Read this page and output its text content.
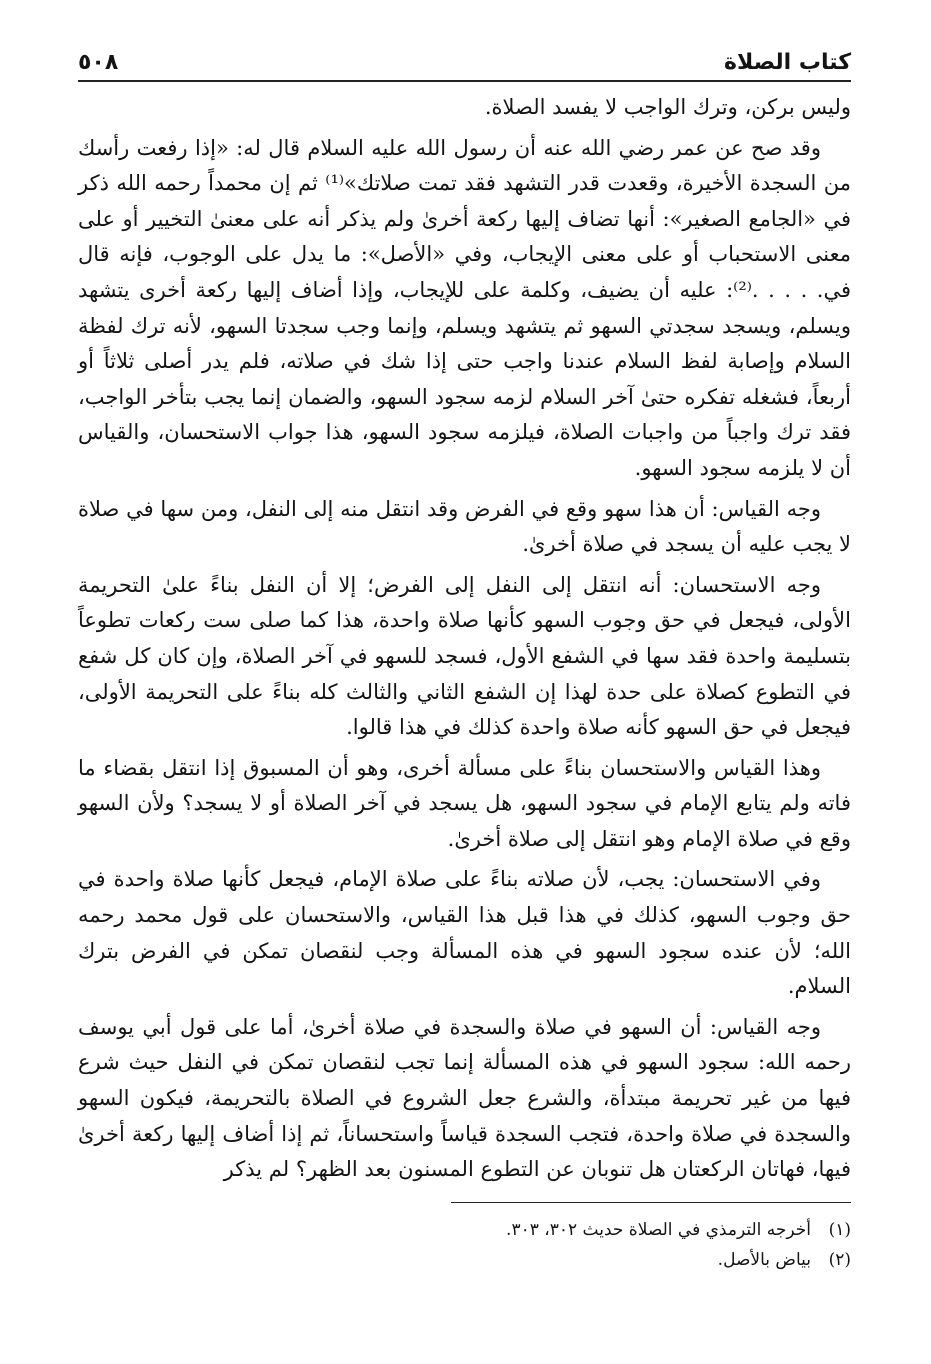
كتاب الصلاة
٥٠٨

وليس بركن، وترك الواجب لا يفسد الصلاة.

وقد صح عن عمر رضي الله عنه أن رسول الله عليه السلام قال له: «إذا رفعت رأسك من السجدة الأخيرة، وقعدت قدر التشهد فقد تمت صلاتك»⁽¹⁾ ثم إن محمداً رحمه الله ذكر في «الجامع الصغير»: أنها تضاف إليها ركعة أخرىٰ ولم يذكر أنه على معنىٰ التخيير أو على معنى الاستحباب أو على معنى الإيجاب، وفي «الأصل»: ما يدل على الوجوب، فإنه قال في. . . . .⁽²⁾: عليه أن يضيف، وكلمة على للإيجاب، وإذا أضاف إليها ركعة أخرى يتشهد ويسلم، ويسجد سجدتي السهو ثم يتشهد ويسلم، وإنما وجب سجدتا السهو، لأنه ترك لفظة السلام وإصابة لفظ السلام عندنا واجب حتى إذا شك في صلاته، فلم يدر أصلى ثلاثاً أو أربعاً، فشغله تفكره حتىٰ آخر السلام لزمه سجود السهو، والضمان إنما يجب بتأخر الواجب، فقد ترك واجباً من واجبات الصلاة، فيلزمه سجود السهو، هذا جواب الاستحسان، والقياس أن لا يلزمه سجود السهو.

وجه القياس: أن هذا سهو وقع في الفرض وقد انتقل منه إلى النفل، ومن سها في صلاة لا يجب عليه أن يسجد في صلاة أخرىٰ.

وجه الاستحسان: أنه انتقل إلى النفل إلى الفرض؛ إلا أن النفل بناءً علىٰ التحريمة الأولى، فيجعل في حق وجوب السهو كأنها صلاة واحدة، هذا كما صلى ست ركعات تطوعاً بتسليمة واحدة فقد سها في الشفع الأول، فسجد للسهو في آخر الصلاة، وإن كان كل شفع في التطوع كصلاة على حدة لهذا إن الشفع الثاني والثالث كله بناءً على التحريمة الأولى، فيجعل في حق السهو كأنه صلاة واحدة كذلك في هذا قالوا.

وهذا القياس والاستحسان بناءً على مسألة أخرى، وهو أن المسبوق إذا انتقل بقضاء ما فاته ولم يتابع الإمام في سجود السهو، هل يسجد في آخر الصلاة أو لا يسجد؟ ولأن السهو وقع في صلاة الإمام وهو انتقل إلى صلاة أخرىٰ.

وفي الاستحسان: يجب، لأن صلاته بناءً على صلاة الإمام، فيجعل كأنها صلاة واحدة في حق وجوب السهو، كذلك في هذا قبل هذا القياس، والاستحسان على قول محمد رحمه الله؛ لأن عنده سجود السهو في هذه المسألة وجب لنقصان تمكن في الفرض بترك السلام.

وجه القياس: أن السهو في صلاة والسجدة في صلاة أخرىٰ، أما على قول أبي يوسف رحمه الله: سجود السهو في هذه المسألة إنما تجب لنقصان تمكن في النفل حيث شرع فيها من غير تحريمة مبتدأة، والشرع جعل الشروع في الصلاة بالتحريمة، فيكون السهو والسجدة في صلاة واحدة، فتجب السجدة قياساً واستحساناً، ثم إذا أضاف إليها ركعة أخرىٰ فيها، فهاتان الركعتان هل تنوبان عن التطوع المسنون بعد الظهر؟ لم يذكر

(١)
أخرجه الترمذي في الصلاة حديث ٣٠٢، ٣٠٣.
(٢)
بياض بالأصل.
